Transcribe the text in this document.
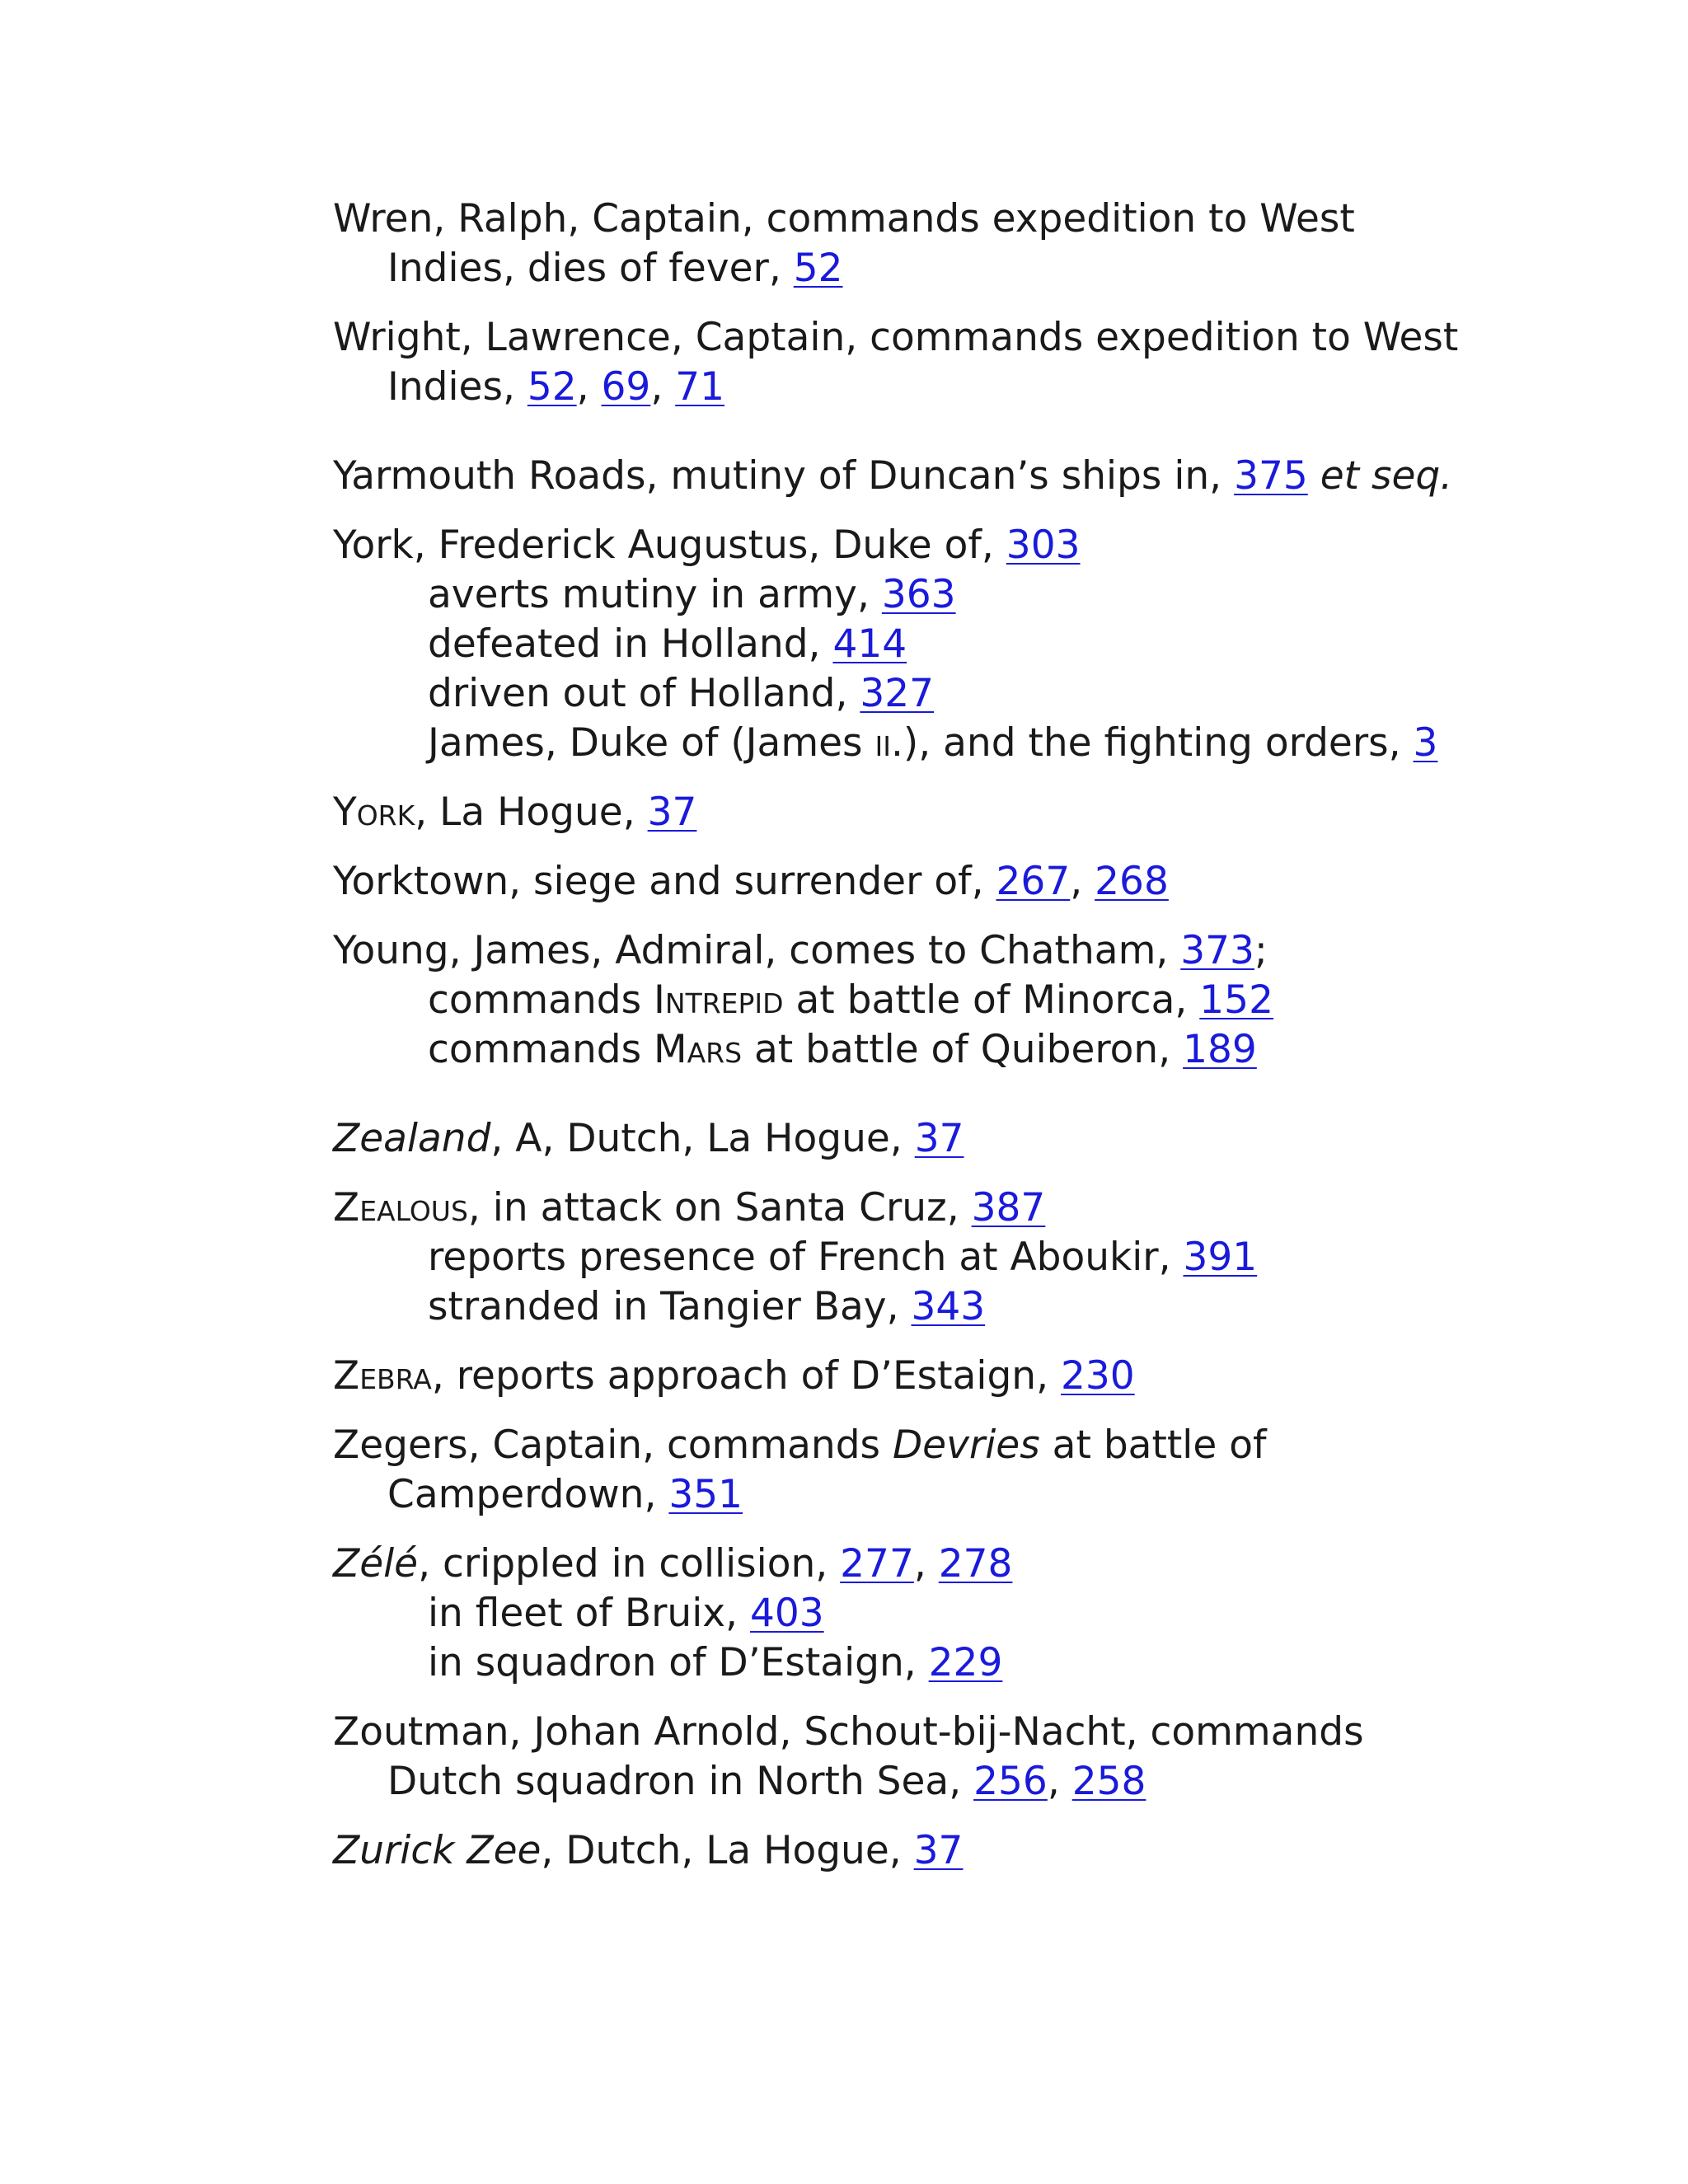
Wren, Ralph, Captain, commands expedition to West
Indies, dies of fever, 52
Wright, Lawrence, Captain, commands expedition to West
Indies, 52, 69, 71
Yarmouth Roads, mutiny of Duncan’s ships in, 375 et seq.
York, Frederick Augustus, Duke of, 303
averts mutiny in army, 363
defeated in Holland, 414
driven out of Holland, 327
James, Duke of (James ii.), and the fighting orders, 3
York, La Hogue, 37
Yorktown, siege and surrender of, 267, 268
Young, James, Admiral, comes to Chatham, 373;
commands Intrepid at battle of Minorca, 152
commands Mars at battle of Quiberon, 189
Zealand, A, Dutch, La Hogue, 37
Zealous, in attack on Santa Cruz, 387
reports presence of French at Aboukir, 391
stranded in Tangier Bay, 343
Zebra, reports approach of D’Estaign, 230
Zegers, Captain, commands Devries at battle of
Camperdown, 351
Zélé, crippled in collision, 277, 278
in fleet of Bruix, 403
in squadron of D’Estaign, 229
Zoutman, Johan Arnold, Schout-bij-Nacht, commands
Dutch squadron in North Sea, 256, 258
Zurick Zee, Dutch, La Hogue, 37
